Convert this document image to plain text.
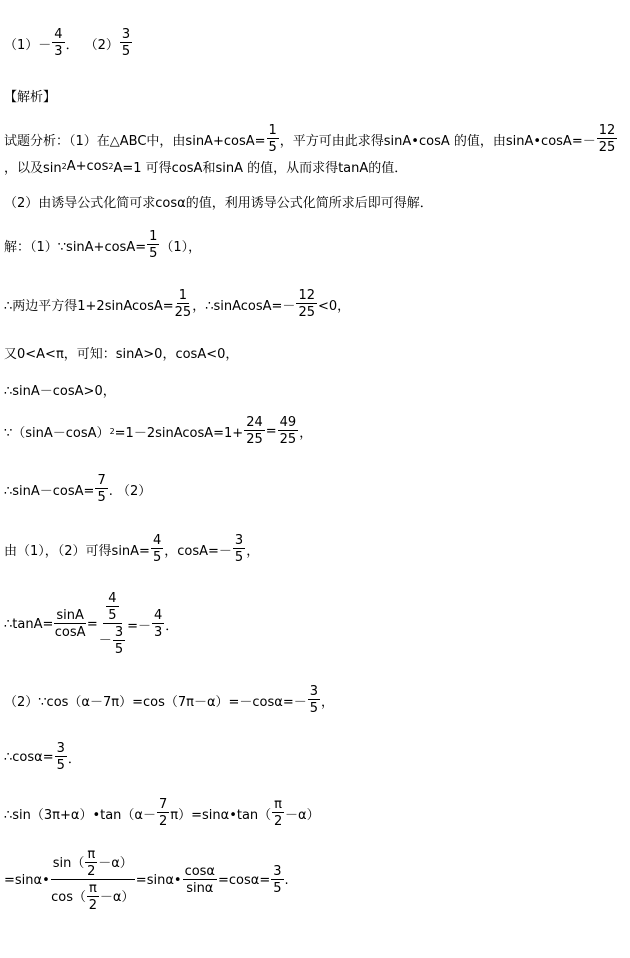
$(1) - \frac{4}{3}$ ． $(2) \frac{3}{5}$
【解析】
试题分析：（1）在△ABC中，由$\sin A+\cos A= \frac{1}{5}$ ，平方可由此求得sinA•cosA 的值，由sinA•cosA=－ $\frac{12}{25}$
，以及sin 2 A+cos 2 A=1 可得cosA和sinA 的值，从而求得tanA的值．
（2）由诱导公式化简可求cosα的值，利用诱导公式化简所求后即可得解．
解：（1）∵sinA+cosA= $\frac{1}{5} (1)$，
∴两边平方得1+2sinAcosA= $\frac{1}{25}$ ，∴sinAcosA=－ $\frac{12}{25} <0$，
又0<A<π，可知：sinA>0，cosA<0，
∴sinA－cosA>0，
∵（sinA－cosA） 2 =1－2sinAcosA=1+ $\frac{24}{25} = \frac{49}{25}$ ，
∴sinA－cosA= $\frac{7}{5}$ . （2）
由（1），（2）可得$\sin A= \frac{4}{5}$ ，$\cos A=- \frac{3}{5}$ ，
∴tanA= $\frac{\sin A}{\cos A} = \frac{\frac{4}{5}}{- \frac{3}{5}} =- \frac{4}{3}$ ．
（2）∵cos（α－7π）=cos（7π－α）=－cosα=－ $\frac{3}{5}$ ，
∴cosα= $\frac{3}{5}$ ．
∴sin（3π+α）•tan（α－ $\frac{7}{2}$ π）=sinα•tan（ $\frac{\pi}{2} -\alpha$）
=sinα• $\frac{\sin( \frac{\pi}{2} -\alpha)}{\cos( \frac{\pi}{2} -\alpha)}$ =sinα• $\frac{\cos\alpha}{\sin\alpha} =\cos\alpha= \frac{3}{5}$ .
